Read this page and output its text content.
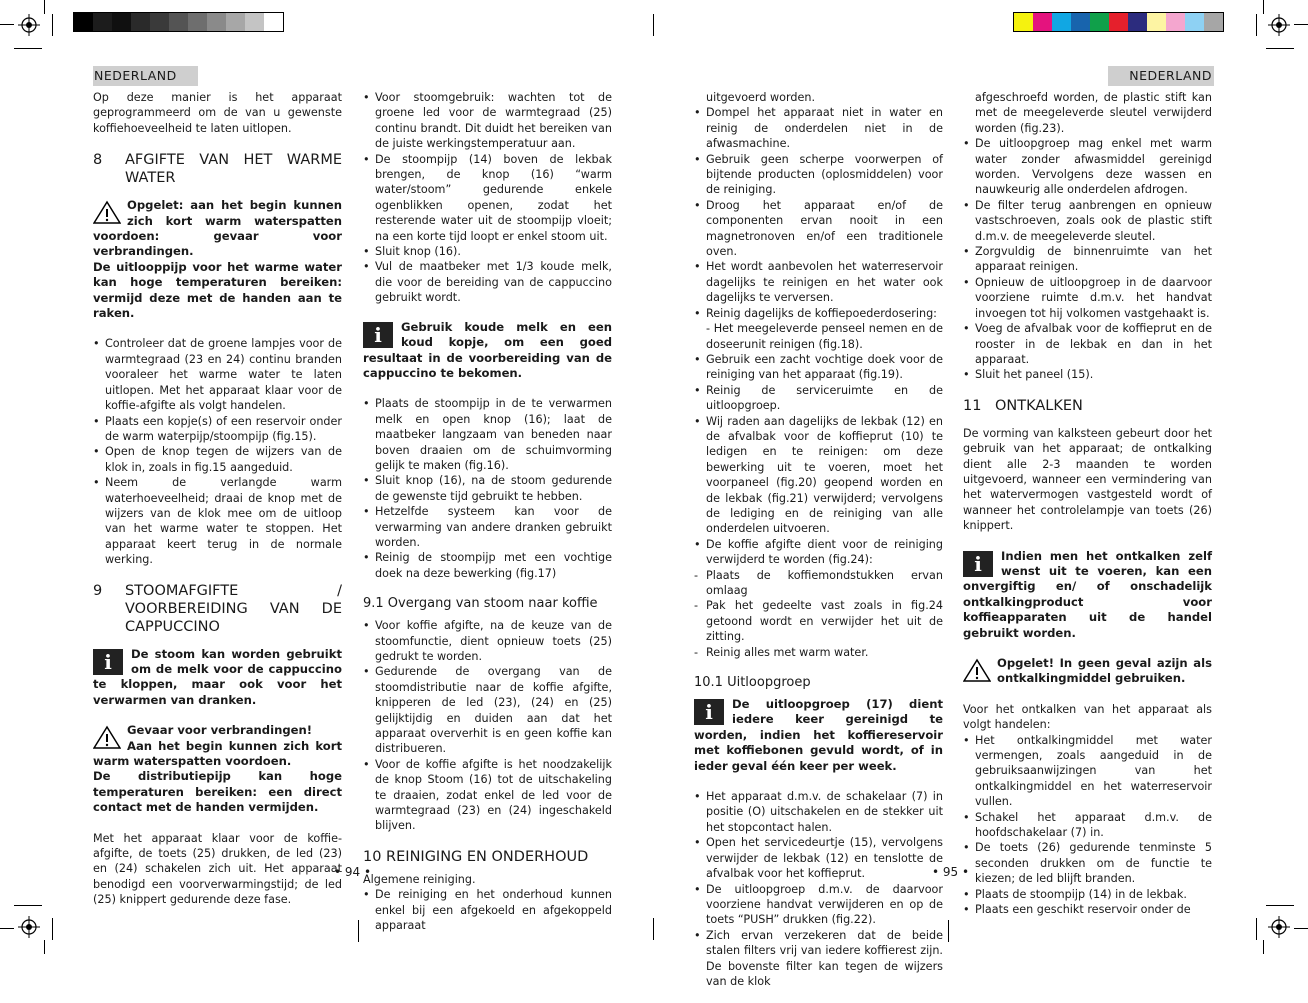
NEDERLAND	NEDERLAND

Op deze manier is het apparaat geprogrammeerd om de van u gewenste koffiehoeveelheid te laten uitlopen.

8	AFGIFTE VAN HET WARME WATER
Opgelet: aan het begin kunnen zich kort warm waterspatten voordoen: gevaar voor verbrandingen.
De uitlooppijp voor het warme water kan hoge temperaturen bereiken: vermijd deze met de handen aan te raken.
• Controleer dat de groene lampjes voor de warmtegraad (23 en 24) continu branden vooraleer het warme water te laten uitlopen. Met het apparaat klaar voor de koffie-afgifte als volgt handelen.
• Plaats een kopje(s) of een reservoir onder de warm waterpijp/stoompijp (fig.15).
• Open de knop tegen de wijzers van de klok in, zoals in fig.15 aangeduid.
• Neem de verlangde warm waterhoeveelheid; draai de knop met de wijzers van de klok mee om de uitloop van het warme water te stoppen. Het apparaat keert terug in de normale werking.
9	STOOMAFGIFTE / VOORBEREIDING VAN DE CAPPUCCINO
i	De stoom kan worden gebruikt om de melk voor de cappuccino te kloppen, maar ook voor het verwarmen van dranken.
Gevaar voor verbrandingen!
Aan het begin kunnen zich kort warm waterspatten voordoen.
De distributiepijp kan hoge temperaturen bereiken: een direct contact met de handen vermijden.

Met het apparaat klaar voor de koffie-afgifte, de toets (25) drukken, de led (23) en (24) schakelen zich uit. Het apparaat benodigd een voorverwarmingstijd; de led (25) knippert gedurende deze fase.

• Voor stoomgebruik: wachten tot de groene led voor de warmtegraad (25) continu brandt. Dit duidt het bereiken van de juiste werkingstemperatuur aan.
• De stoompijp (14) boven de lekbak brengen, de knop (16) “warm water/stoom” gedurende enkele ogenblikken openen, zodat het resterende water uit de stoompijp vloeit; na een korte tijd loopt er enkel stoom uit.
• Sluit knop (16).
• Vul de maatbeker met 1/3 koude melk, die voor de bereiding van de cappuccino gebruikt wordt.
i	Gebruik koude melk en een koud kopje, om een goed resultaat in de voorbereiding van de cappuccino te bekomen.
• Plaats de stoompijp in de te verwarmen melk en open knop (16); laat de maatbeker langzaam van beneden naar boven draaien om de schuimvorming gelijk te maken (fig.16).
• Sluit knop (16), na de stoom gedurende de gewenste tijd gebruikt te hebben.
• Hetzelfde systeem kan voor de verwarming van andere dranken gebruikt worden.
• Reinig de stoompijp met een vochtige doek na deze bewerking (fig.17)
9.1 Overgang van stoom naar koffie
• Voor koffie afgifte, na de keuze van de stoomfunctie, dient opnieuw toets (25) gedrukt te worden.
• Gedurende de overgang van de stoomdistributie naar de koffie afgifte, knipperen de led (23), (24) en (25) gelijktijdig en duiden aan dat het apparaat oververhit is en geen koffie kan distribueren.
• Voor de koffie afgifte is het noodzakelijk de knop Stoom (16) tot de uitschakeling te draaien, zodat enkel de led voor de warmtegraad (23) en (24) ingeschakeld blijven.
10 REINIGING EN ONDERHOUD
Algemene reiniging.
• De reiniging en het onderhoud kunnen enkel bij een afgekoeld en afgekoppeld apparaat
uitgevoerd worden.
• Dompel het apparaat niet in water en reinig de onderdelen niet in de afwasmachine.
• Gebruik geen scherpe voorwerpen of bijtende producten (oplosmiddelen) voor de reiniging.
• Droog het apparaat en/of de componenten ervan nooit in een magnetronoven en/of een traditionele oven.
• Het wordt aanbevolen het waterreservoir dagelijks te reinigen en het water ook dagelijks te verversen.
• Reinig dagelijks de koffiepoederdosering:
- Het meegeleverde penseel nemen en de doseerunit reinigen (fig.18).
• Gebruik een zacht vochtige doek voor de reiniging van het apparaat (fig.19).
• Reinig de serviceruimte en de uitloopgroep.
• Wij raden aan dagelijks de lekbak (12) en de afvalbak voor de koffieprut (10) te ledigen en te reinigen: om deze bewerking uit te voeren, moet het voorpaneel (fig.20) geopend worden en de lekbak (fig.21) verwijderd; vervolgens de lediging en de reiniging van alle onderdelen uitvoeren.
• De koffie afgifte dient voor de reiniging verwijderd te worden (fig.24):
- Plaats de koffiemondstukken ervan omlaag
- Pak het gedeelte vast zoals in fig.24 getoond wordt en verwijder het uit de zitting.
- Reinig alles met warm water.
10.1 Uitloopgroep
i	De uitloopgroep (17) dient iedere keer gereinigd te worden, indien het koffiereservoir met koffiebonen gevuld wordt, of in ieder geval één keer per week.
• Het apparaat d.m.v. de schakelaar (7) in positie (O) uitschakelen en de stekker uit het stopcontact halen.
• Open het servicedeurtje (15), vervolgens verwijder de lekbak (12) en tenslotte de afvalbak voor het koffieprut.
• De uitloopgroep d.m.v. de daarvoor voorziene handvat verwijderen en op de toets “PUSH” drukken (fig.22).
• Zich ervan verzekeren dat de beide stalen filters vrij van iedere koffierest zijn. De bovenste filter kan tegen de wijzers van de klok
afgeschroefd worden, de plastic stift kan met de meegeleverde sleutel verwijderd worden (fig.23).
• De uitloopgroep mag enkel met warm water zonder afwasmiddel gereinigd worden. Vervolgens deze wassen en nauwkeurig alle onderdelen afdrogen.
• De filter terug aanbrengen en opnieuw vastschroeven, zoals ook de plastic stift d.m.v. de meegeleverde sleutel.
• Zorgvuldig de binnenruimte van het apparaat reinigen.
• Opnieuw de uitloopgroep in de daarvoor voorziene ruimte d.m.v. het handvat invoegen tot hij volkomen vastgehaakt is.
• Voeg de afvalbak voor de koffieprut en de rooster in de lekbak en dan in het apparaat.
• Sluit het paneel (15).
11 ONTKALKEN

De vorming van kalksteen gebeurt door het gebruik van het apparaat; de ontkalking dient alle 2-3 maanden te worden uitgevoerd, wanneer een vermindering van het watervermogen vastgesteld wordt of wanneer het controlelampje van toets (26) knippert.

i	Indien men het ontkalken zelf wenst uit te voeren, kan een onvergiftig en/ of onschadelijk ontkalkingproduct voor koffieapparaten uit de handel gebruikt worden.
Opgelet! In geen geval azijn als ontkalkingmiddel gebruiken.

Voor het ontkalken van het apparaat als volgt handelen:

• Het ontkalkingmiddel met water vermengen, zoals aangeduid in de gebruiksaanwijzingen van het ontkalkingmiddel en het waterreservoir vullen.
• Schakel het apparaat d.m.v. de hoofdschakelaar (7) in.
• De toets (26) gedurende tenminste 5 seconden drukken om de functie te kiezen; de led blijft branden.
• Plaats de stoompijp (14) in de lekbak.
• Plaats een geschikt reservoir onder de
• 94 •	• 95 •
